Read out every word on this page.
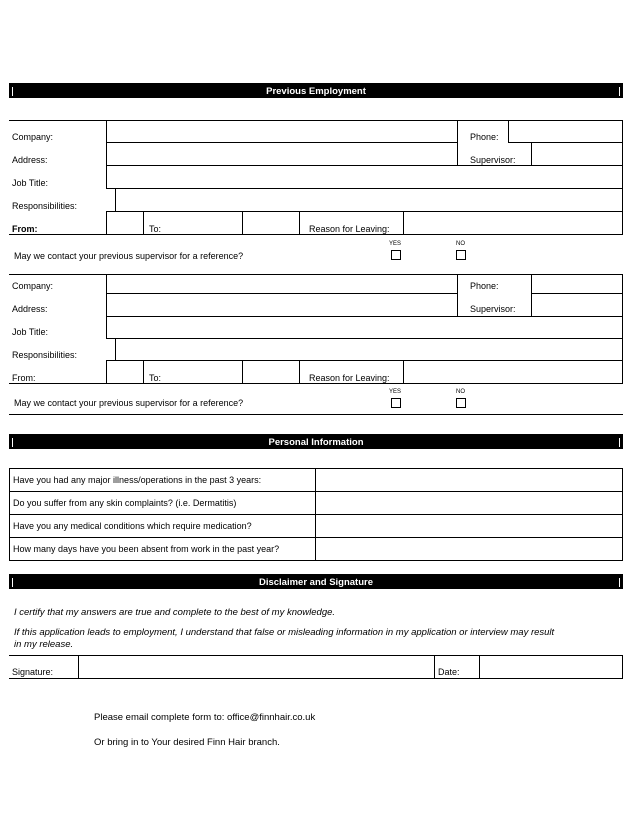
Previous Employment
Company:	Phone:
Address:	Supervisor:
Job Title:
Responsibilities:
From:	To:	Reason for Leaving:
May we contact your previous supervisor for a reference?
YES	NO
Company:	Phone:
Address:	Supervisor:
Job Title:
Responsibilities:
From:	To:	Reason for Leaving:
May we contact your previous supervisor for a reference?
YES	NO
Personal Information
Have you had any major illness/operations in the past 3 years:
Do you suffer from any skin complaints? (i.e. Dermatitis)
Have you any medical conditions which require medication?
How many days have you been absent from work in the past year?
Disclaimer and Signature
I certify that my answers are true and complete to the best of my knowledge.
If this application leads to employment, I understand that false or misleading information in my application or interview may result
in my release.
Signature:	Date:
Please email complete form to: office@finnhair.co.uk
Or bring in to Your desired Finn Hair branch.
